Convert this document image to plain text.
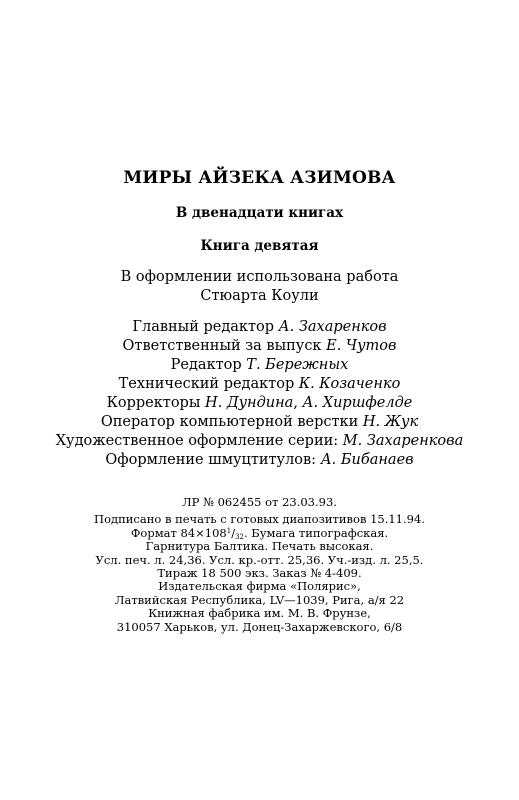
МИРЫ АЙЗЕКА АЗИМОВА
В двенадцати книгах
Книга девятая
В оформлении использована работа
Стюарта Коули
Главный редактор А. Захаренков
Ответственный за выпуск Е. Чутов
Редактор Т. Бережных
Технический редактор К. Козаченко
Корректоры Н. Дундина, А. Хиршфелде
Оператор компьютерной верстки Н. Жук
Художественное оформление серии: М. Захаренкова
Оформление шмуцтитулов: А. Бибанаев
ЛР № 062455 от 23.03.93.
Подписано в печать с готовых диапозитивов 15.11.94.
Формат $84\times 108^1/_{32}$. Бумага типографская.
Гарнитура Балтика. Печать высокая.
Усл. печ. л. 24,36. Усл. кр.-отт. 25,36. Уч.-изд. л. 25,5.
Тираж 18 500 экз. Заказ № 4-409.
Издательская фирма «Полярис»,
Латвийская Республика, LV—1039, Рига, а/я 22
Книжная фабрика им. М. В. Фрунзе,
310057 Харьков, ул. Донец-Захаржевского, 6/8
